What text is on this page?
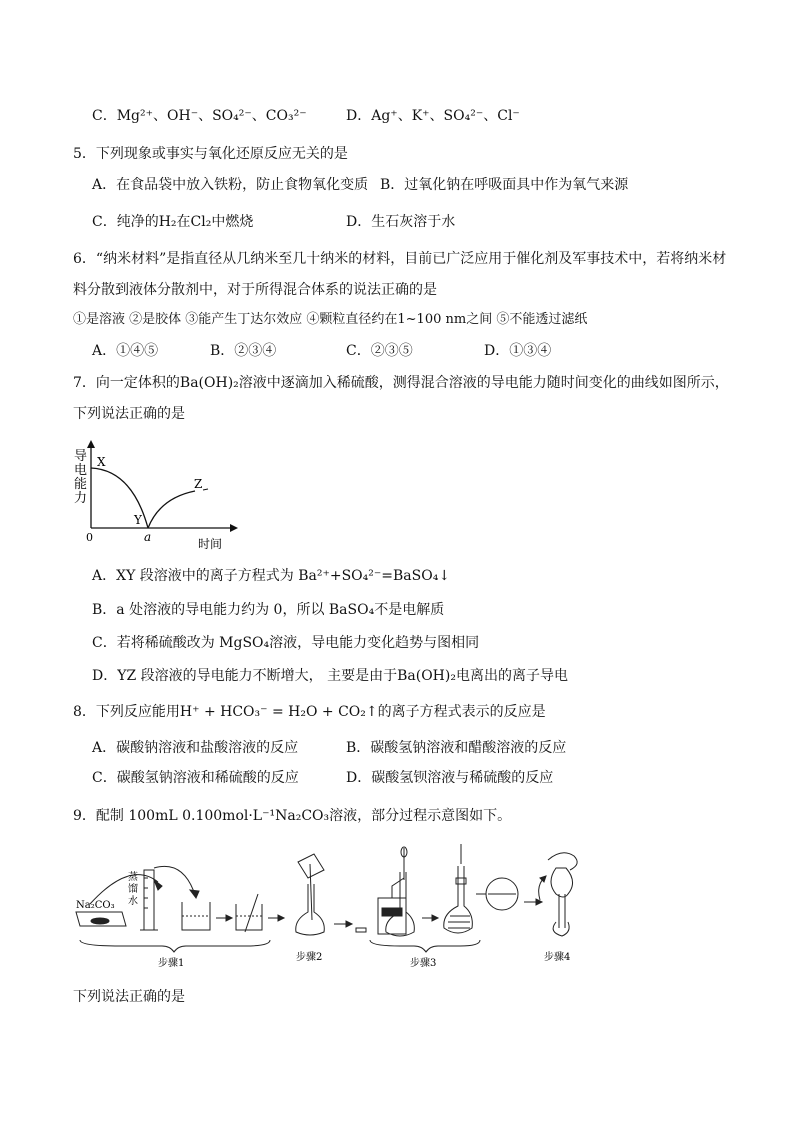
C．Mg²⁺、OH⁻、SO₄²⁻、CO₃²⁻	D．Ag⁺、K⁺、SO₄²⁻、Cl⁻
5．下列现象或事实与氧化还原反应无关的是
A．在食品袋中放入铁粉，防止食物氧化变质 B．过氧化钠在呼吸面具中作为氧气来源
C．纯净的H₂在Cl₂中燃烧	D．生石灰溶于水
6．“纳米材料”是指直径从几纳米至几十纳米的材料，目前已广泛应用于催化剂及军事技术中，若将纳米材
料分散到液体分散剂中，对于所得混合体系的说法正确的是
①是溶液 ②是胶体 ③能产生丁达尔效应 ④颗粒直径约在1~100 nm之间 ⑤不能透过滤纸
A．①④⑤	B．②③④	C．②③⑤	D．①③④
7．向一定体积的Ba(OH)₂溶液中逐滴加入稀硫酸，测得混合溶液的导电能力随时间变化的曲线如图所示，
下列说法正确的是
导
电
能
力
X
Y
Z
0	a	时间
A．XY 段溶液中的离子方程式为 Ba²⁺+SO₄²⁻=BaSO₄↓
B．a 处溶液的导电能力约为 0，所以 BaSO₄不是电解质
C．若将稀硫酸改为 MgSO₄溶液，导电能力变化趋势与图相同
D．YZ 段溶液的导电能力不断增大， 主要是由于Ba(OH)₂电离出的离子导电
8．下列反应能用H⁺ + HCO₃⁻ = H₂O + CO₂↑的离子方程式表示的反应是
A．碳酸钠溶液和盐酸溶液的反应	B．碳酸氢钠溶液和醋酸溶液的反应
C．碳酸氢钠溶液和稀硫酸的反应	D．碳酸氢钡溶液与稀硫酸的反应
9．配制 100mL 0.100mol·L⁻¹Na₂CO₃溶液，部分过程示意图如下。
Na₂CO₃
蒸
馏
水
步骤1
步骤2
步骤3
步骤4
下列说法正确的是
